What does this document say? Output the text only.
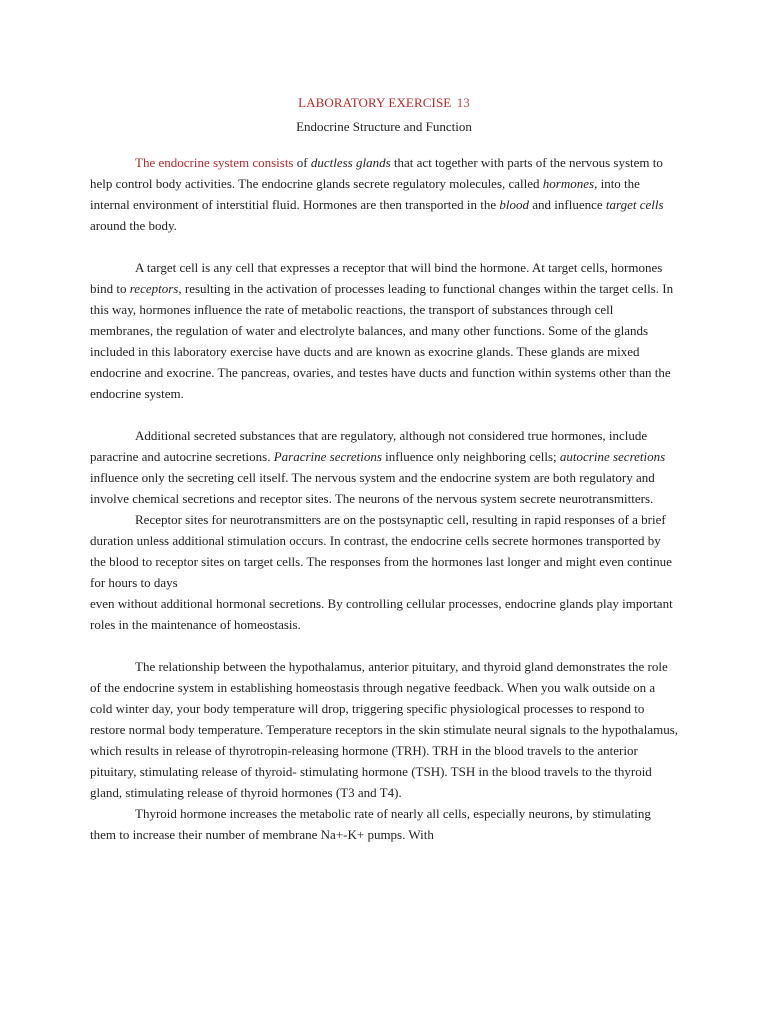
LABORATORY EXERCISE 13
Endocrine Structure and Function

The endocrine system consists of ductless glands that act together with parts of the nervous system to help control body activities. The endocrine glands secrete regulatory molecules, called hormones, into the internal environment of interstitial fluid. Hormones are then transported in the blood and influence target cells around the body.

A target cell is any cell that expresses a receptor that will bind the hormone. At target cells, hormones bind to receptors, resulting in the activation of processes leading to functional changes within the target cells. In this way, hormones influence the rate of metabolic reactions, the transport of substances through cell membranes, the regulation of water and electrolyte balances, and many other functions. Some of the glands included in this laboratory exercise have ducts and are known as exocrine glands. These glands are mixed endocrine and exocrine. The pancreas, ovaries, and testes have ducts and function within systems other than the endocrine system.

Additional secreted substances that are regulatory, although not considered true hormones, include paracrine and autocrine secretions. Paracrine secretions influence only neighboring cells; autocrine secretions influence only the secreting cell itself. The nervous system and the endocrine system are both regulatory and involve chemical secretions and receptor sites. The neurons of the nervous system secrete neurotransmitters.

Receptor sites for neurotransmitters are on the postsynaptic cell, resulting in rapid responses of a brief duration unless additional stimulation occurs. In contrast, the endocrine cells secrete hormones transported by the blood to receptor sites on target cells. The responses from the hormones last longer and might even continue for hours to days

even without additional hormonal secretions. By controlling cellular processes, endocrine glands play important roles in the maintenance of homeostasis.

The relationship between the hypothalamus, anterior pituitary, and thyroid gland demonstrates the role of the endocrine system in establishing homeostasis through negative feedback. When you walk outside on a cold winter day, your body temperature will drop, triggering specific physiological processes to respond to restore normal body temperature. Temperature receptors in the skin stimulate neural signals to the hypothalamus, which results in release of thyrotropin-releasing hormone (TRH). TRH in the blood travels to the anterior pituitary, stimulating release of thyroid- stimulating hormone (TSH). TSH in the blood travels to the thyroid gland, stimulating release of thyroid hormones (T3 and T4).

Thyroid hormone increases the metabolic rate of nearly all cells, especially neurons, by stimulating them to increase their number of membrane Na+-K+ pumps. With
